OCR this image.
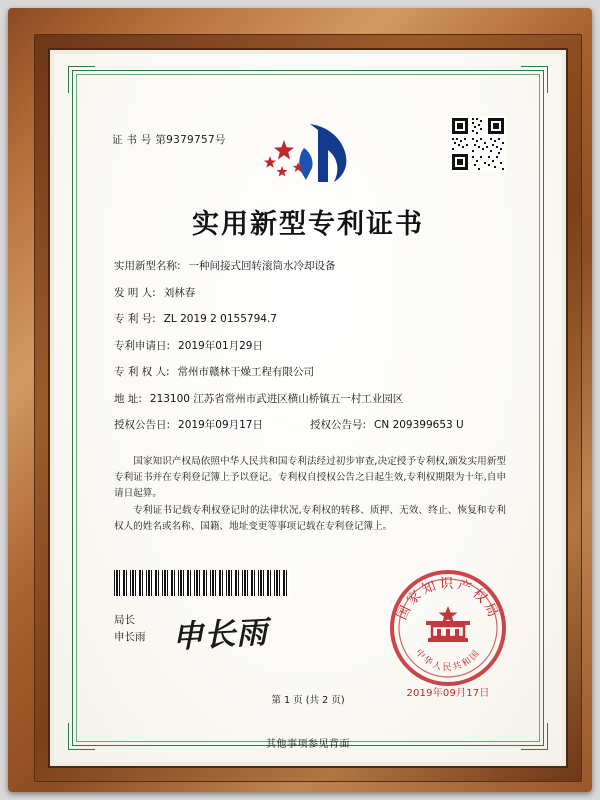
证 书 号 第9379757号
实用新型专利证书
实用新型名称: 一种间接式回转滚筒水冷却设备
发 明 人: 刘林春
专 利 号: ZL 2019 2 0155794.7
专利申请日: 2019年01月29日
专 利 权 人: 常州市赣林干燥工程有限公司
地 址: 213100 江苏省常州市武进区横山桥镇五一村工业园区
授权公告日: 2019年09月17日	授权公告号: CN 209399653 U

国家知识产权局依照中华人民共和国专利法经过初步审查,决定授予专利权,颁发实用新型专利证书并在专利登记簿上予以登记。专利权自授权公告之日起生效,专利权期限为十年,自申请日起算。

专利证书记载专利权登记时的法律状况,专利权的转移、质押、无效、终止、恢复和专利权人的姓名或名称、国籍、地址变更等事项记载在专利登记簿上。

局长
申长雨 申长雨
国家知识产权局
中华人民共和国
2019年09月17日
第 1 页 (共 2 页)
其他事项参见背面
